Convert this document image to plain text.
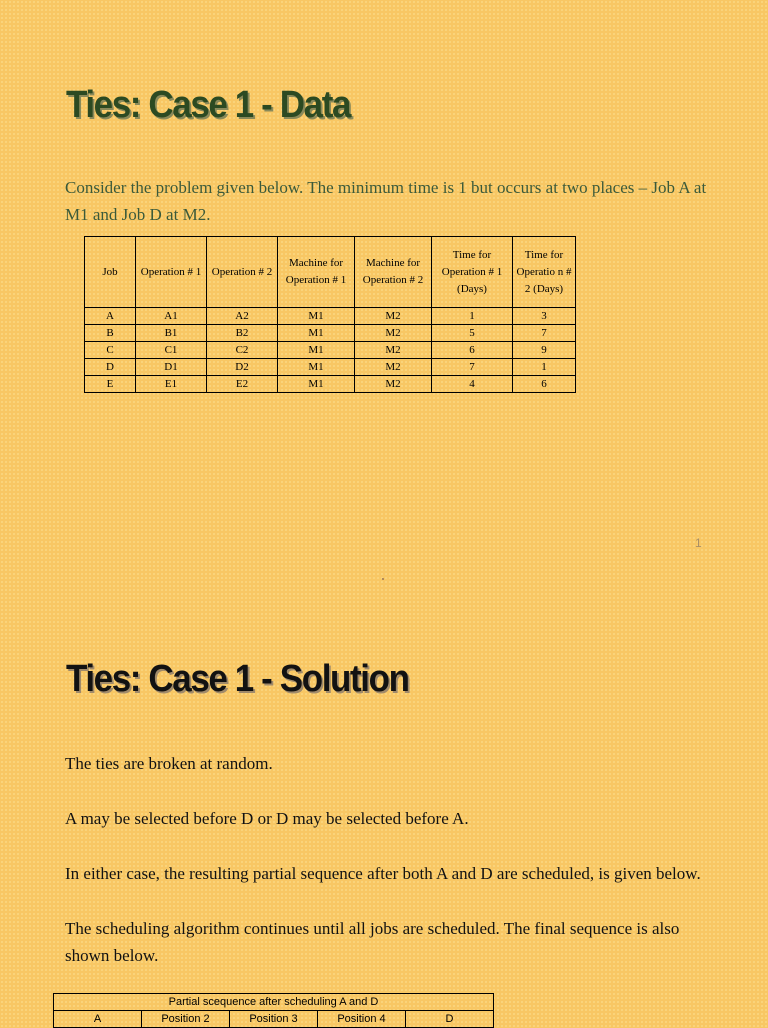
Ties: Case 1 - Data

Consider the problem given below. The minimum time is 1 but occurs at two places – Job A at M1 and Job D at M2.

Job	Operation # 1	Operation # 2	Machine for Operation # 1	Machine for Operation # 2	Time for Operation # 1 (Days)	Time for Operatio n # 2 (Days)
A	A1	A2	M1	M2	1	3
B	B1	B2	M1	M2	5	7
C	C1	C2	M1	M2	6	9
D	D1	D2	M1	M2	7	1
E	E1	E2	M1	M2	4	6
1
Ties: Case 1 - Solution

The ties are broken at random.

A may be selected before D or D may be selected before A.

In either case, the resulting partial sequence after both A and D are scheduled, is given below.

The scheduling algorithm continues until all jobs are scheduled. The final sequence is also shown below.

Partial scequence after scheduling A and D
A	Position 2	Position 3	Position 4	D
